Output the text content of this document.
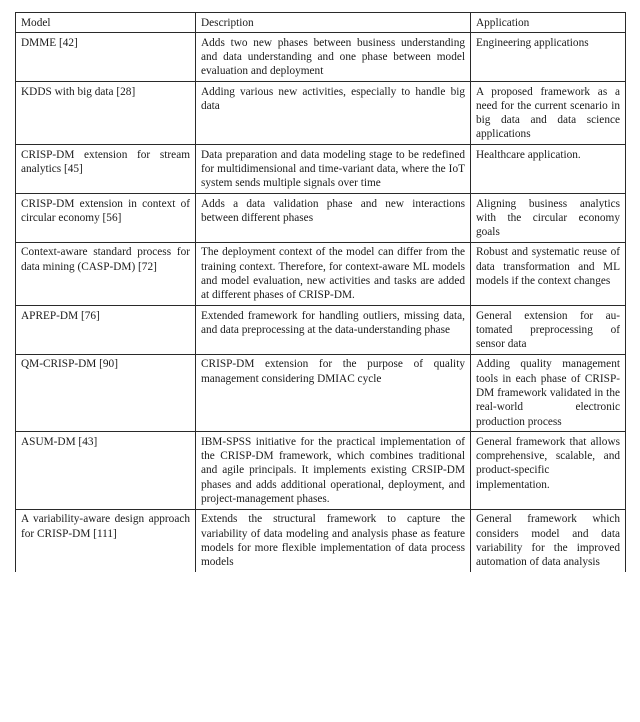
Model	Description	Application
DMME [42]	Adds two new phases between business understanding and data understanding and one phase between model evaluation and deployment	Engineering applications
KDDS with big data [28]	Adding various new activities, especially to handle big data	A proposed framework as a need for the current scenario in big data and data science applications
CRISP-DM extension for stream analytics [45]	Data preparation and data modeling stage to be redefined for multidimensional and time-variant data, where the IoT system sends multiple signals over time	Healthcare application.
CRISP-DM extension in context of circular economy [56]	Adds a data validation phase and new interactions between different phases	Aligning business analytics with the circular economy goals
Context-aware standard process for data mining (CASP-DM) [72]	The deployment context of the model can differ from the training context. Therefore, for context-aware ML models and model evaluation, new activities and tasks are added at different phases of CRISP-DM.	Robust and systematic reuse of data transformation and ML models if the context changes
APREP-DM [76]	Extended framework for handling outliers, missing data, and data preprocessing at the data-understanding phase	General extension for automated preprocessing of sensor data
QM-CRISP-DM [90]	CRISP-DM extension for the purpose of quality management considering DMIAC cycle	Adding quality management tools in each phase of CRISP-DM framework validated in the real-world electronic production process
ASUM-DM [43]	IBM-SPSS initiative for the practical implementation of the CRISP-DM framework, which combines traditional and agile principals. It implements existing CRSIP-DM phases and adds additional operational, deployment, and project-management phases.	General framework that allows comprehensive, scalable, and product-specific implementation.
A variability-aware design approach for CRISP-DM [111]	Extends the structural framework to capture the variability of data modeling and analysis phase as feature models for more flexible implementation of data process models	General framework which considers model and data variability for the improved automation of data analysis
